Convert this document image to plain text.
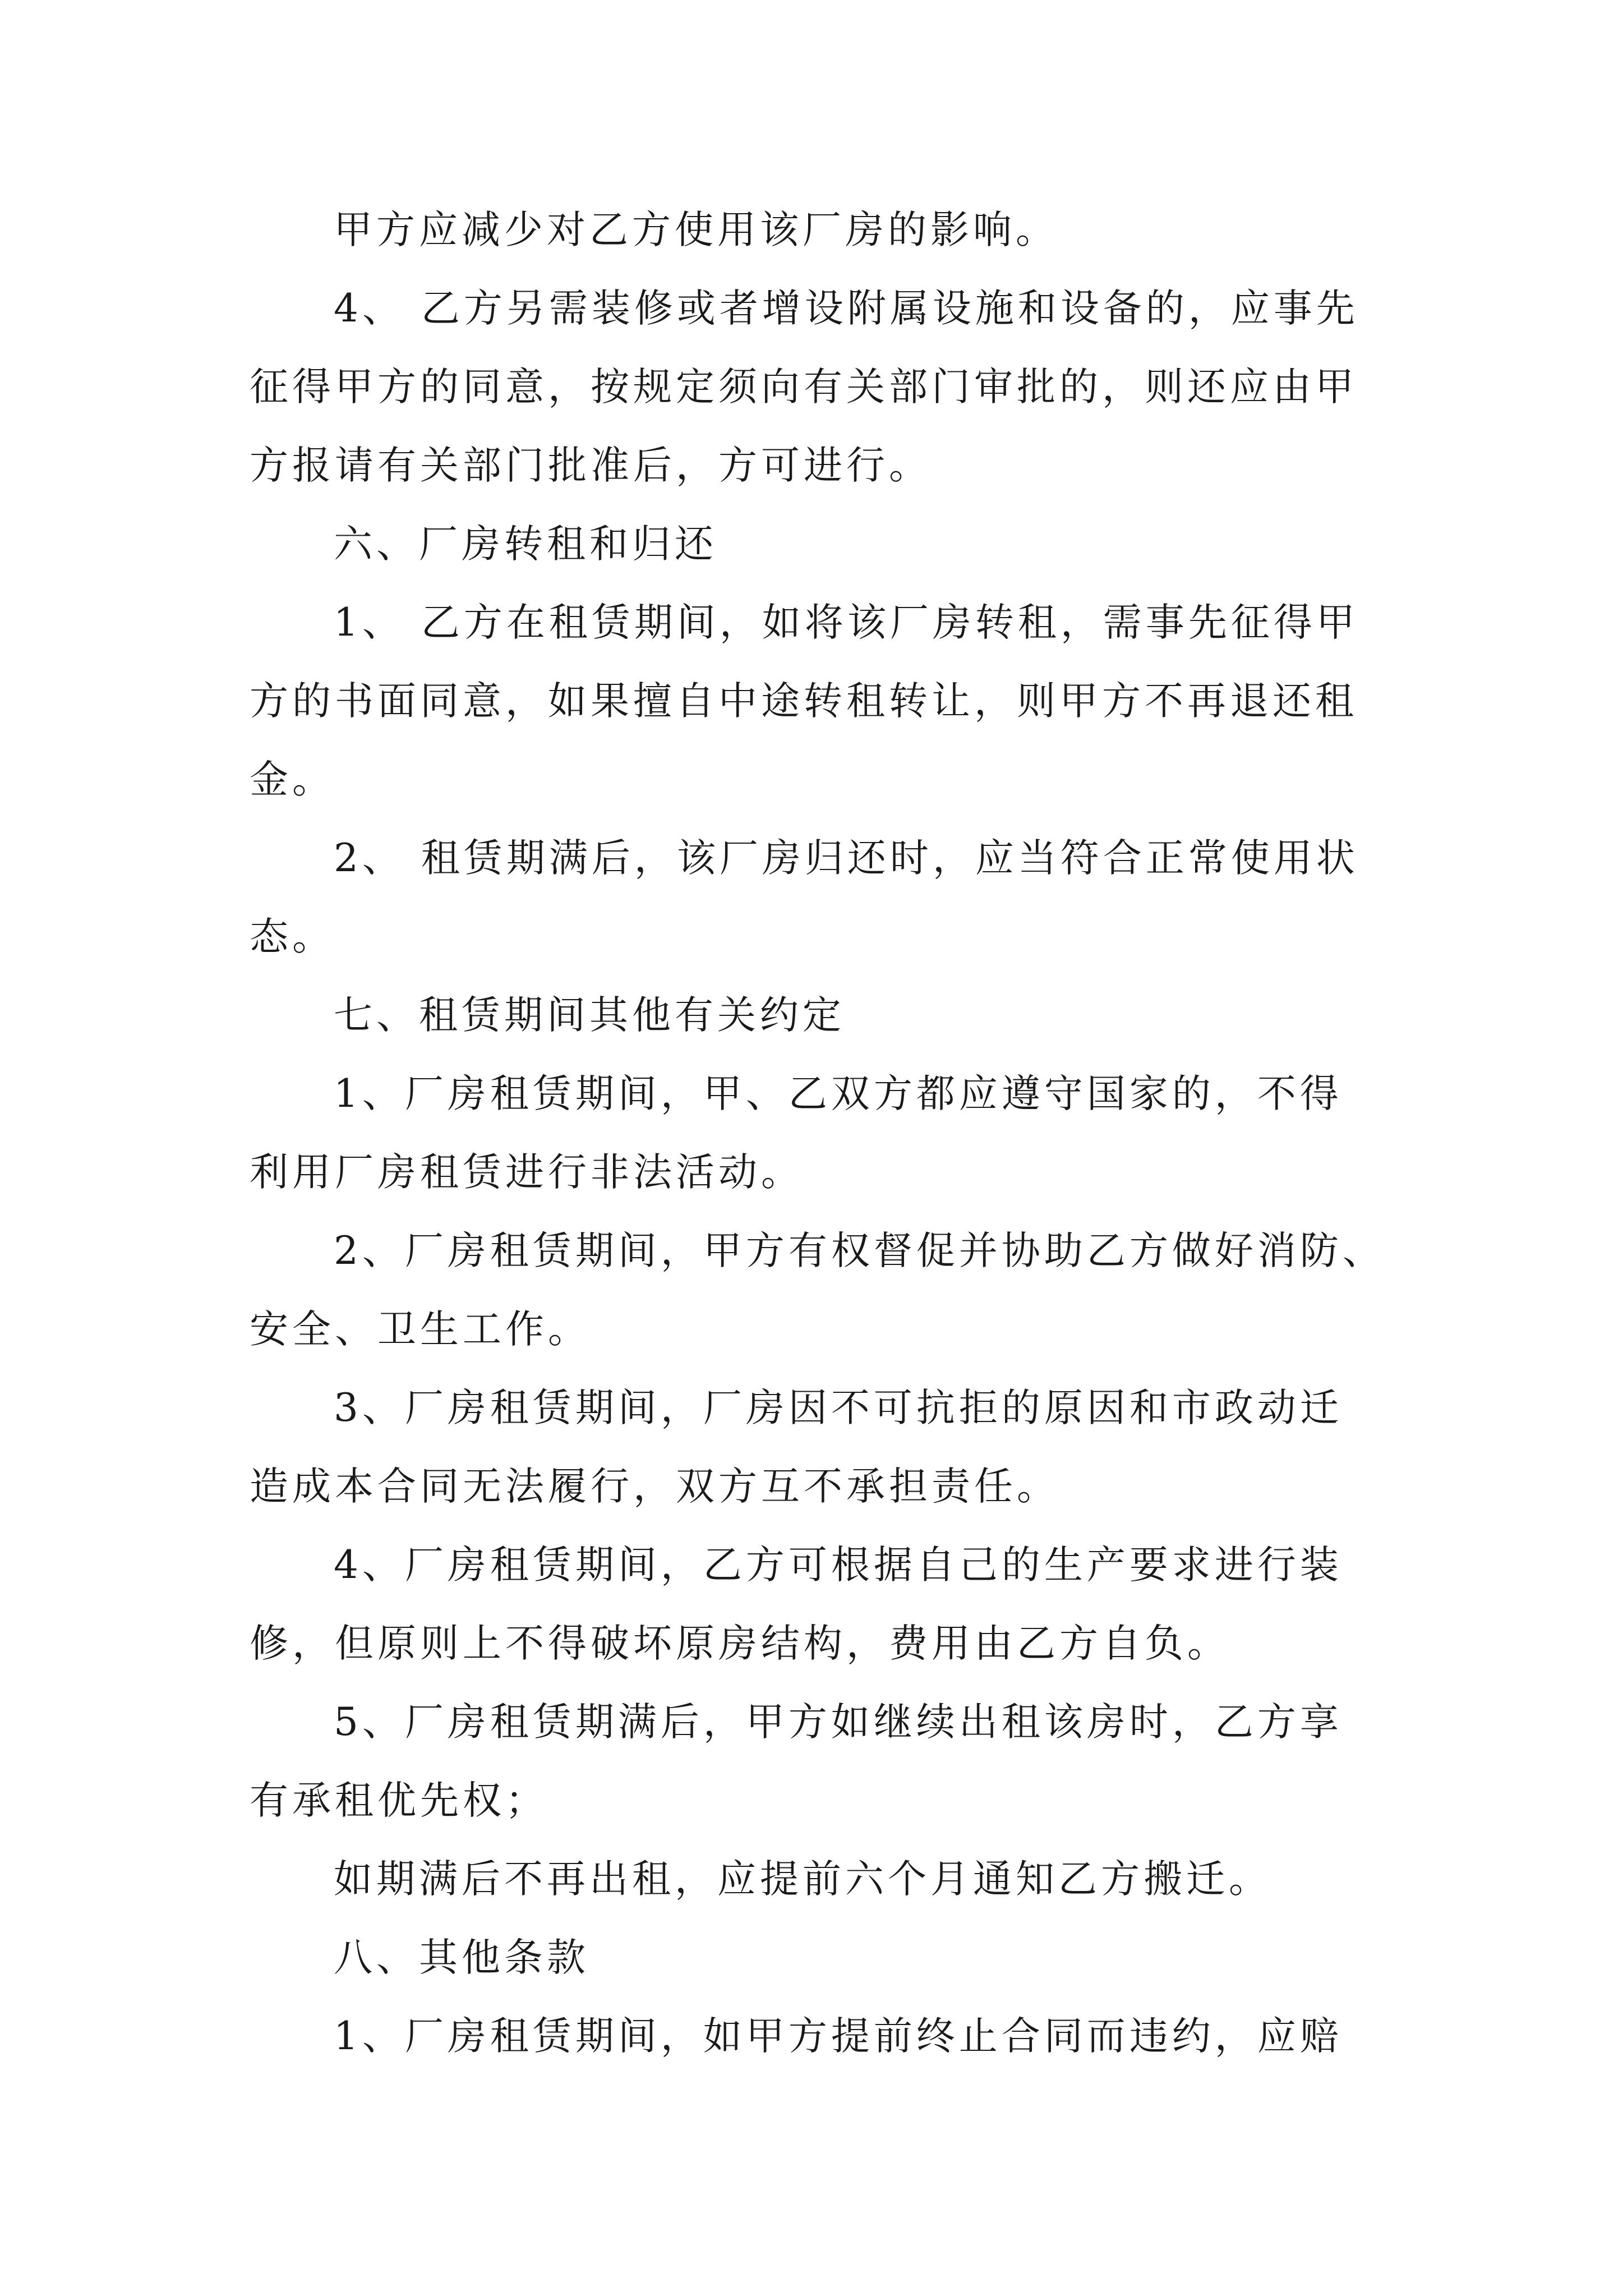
甲方应减少对乙方使用该厂房的影响。
4、 乙方另需装修或者增设附属设施和设备的，应事先
征得甲方的同意，按规定须向有关部门审批的，则还应由甲
方报请有关部门批准后，方可进行。
六、厂房转租和归还
1、 乙方在租赁期间，如将该厂房转租，需事先征得甲
方的书面同意，如果擅自中途转租转让，则甲方不再退还租
金。
2、 租赁期满后，该厂房归还时，应当符合正常使用状
态。
七、租赁期间其他有关约定
1、厂房租赁期间，甲、乙双方都应遵守国家的，不得
利用厂房租赁进行非法活动。
2、厂房租赁期间，甲方有权督促并协助乙方做好消防、
安全、卫生工作。
3、厂房租赁期间，厂房因不可抗拒的原因和市政动迁
造成本合同无法履行，双方互不承担责任。
4、厂房租赁期间，乙方可根据自己的生产要求进行装
修，但原则上不得破坏原房结构，费用由乙方自负。
5、厂房租赁期满后，甲方如继续出租该房时，乙方享
有承租优先权；
如期满后不再出租，应提前六个月通知乙方搬迁。
八、其他条款
1、厂房租赁期间，如甲方提前终止合同而违约，应赔
